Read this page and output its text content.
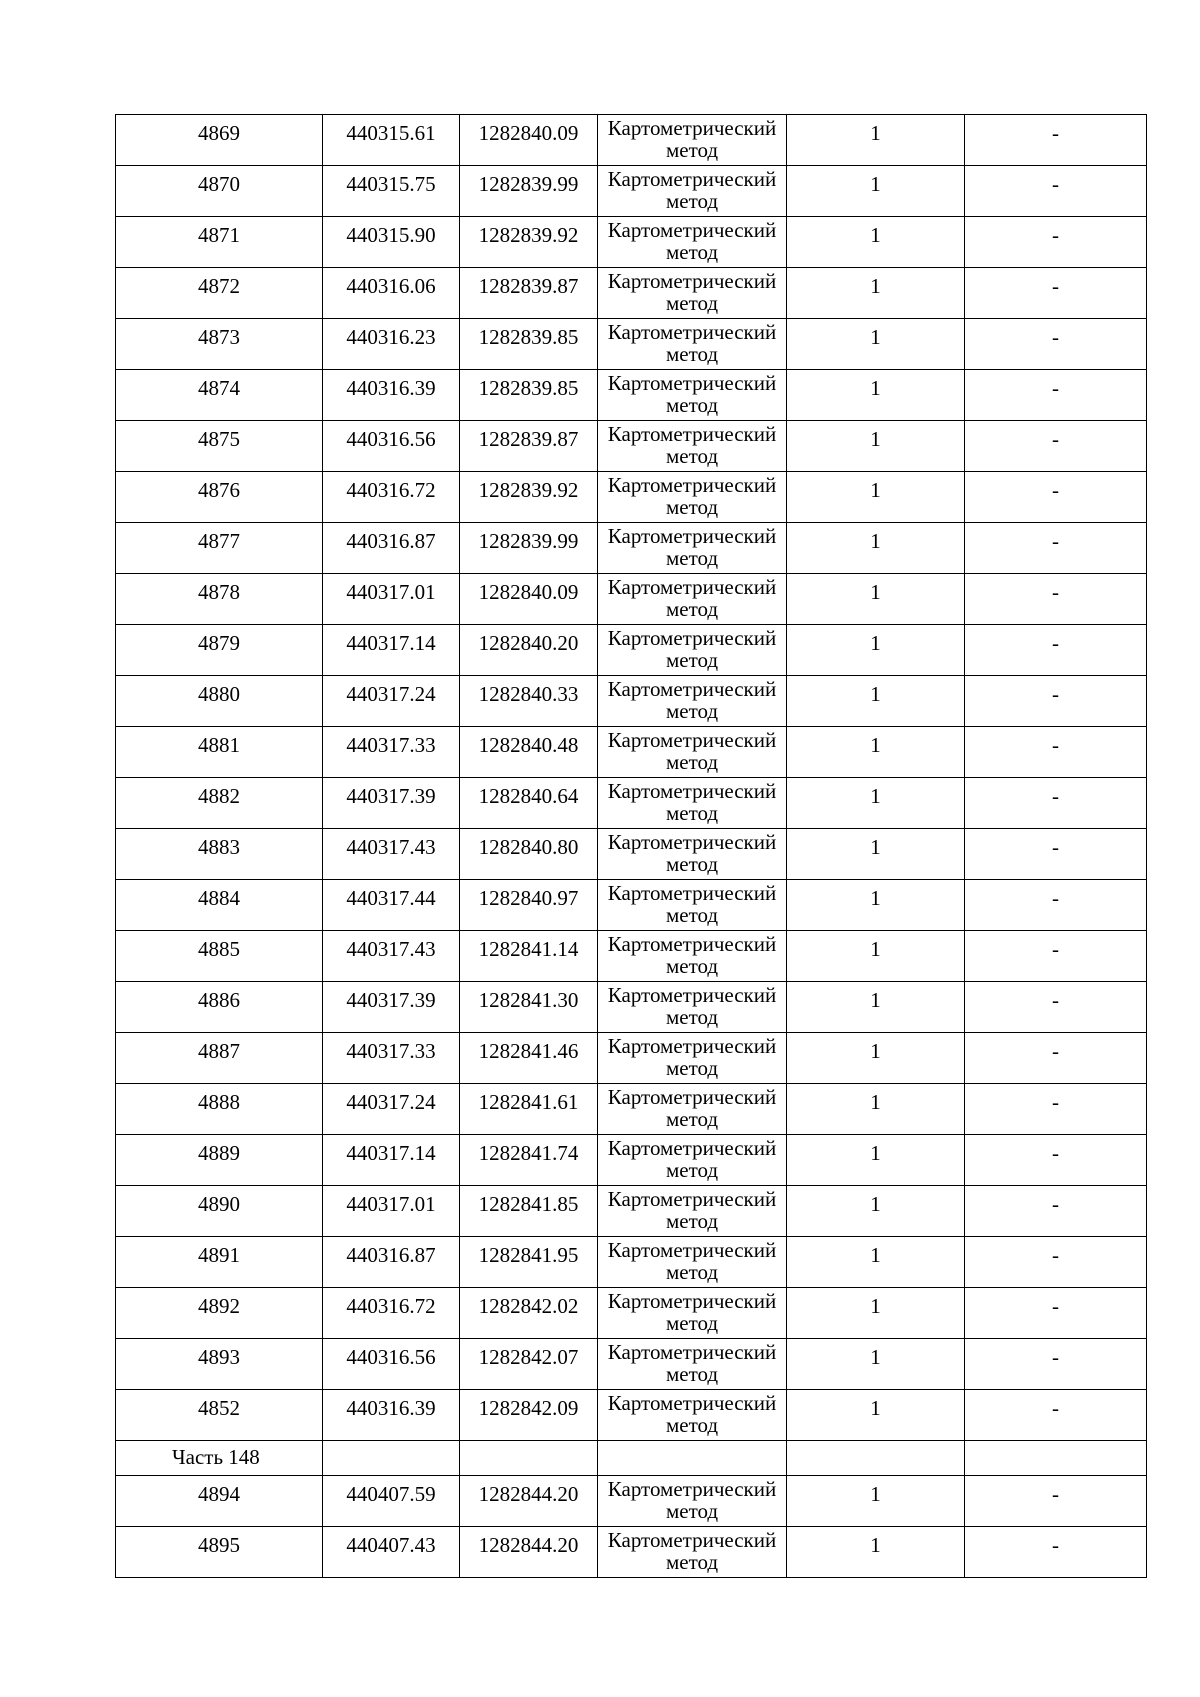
4869	440315.61	1282840.09	Картометрический метод	1	-
4870	440315.75	1282839.99	Картометрический метод	1	-
4871	440315.90	1282839.92	Картометрический метод	1	-
4872	440316.06	1282839.87	Картометрический метод	1	-
4873	440316.23	1282839.85	Картометрический метод	1	-
4874	440316.39	1282839.85	Картометрический метод	1	-
4875	440316.56	1282839.87	Картометрический метод	1	-
4876	440316.72	1282839.92	Картометрический метод	1	-
4877	440316.87	1282839.99	Картометрический метод	1	-
4878	440317.01	1282840.09	Картометрический метод	1	-
4879	440317.14	1282840.20	Картометрический метод	1	-
4880	440317.24	1282840.33	Картометрический метод	1	-
4881	440317.33	1282840.48	Картометрический метод	1	-
4882	440317.39	1282840.64	Картометрический метод	1	-
4883	440317.43	1282840.80	Картометрический метод	1	-
4884	440317.44	1282840.97	Картометрический метод	1	-
4885	440317.43	1282841.14	Картометрический метод	1	-
4886	440317.39	1282841.30	Картометрический метод	1	-
4887	440317.33	1282841.46	Картометрический метод	1	-
4888	440317.24	1282841.61	Картометрический метод	1	-
4889	440317.14	1282841.74	Картометрический метод	1	-
4890	440317.01	1282841.85	Картометрический метод	1	-
4891	440316.87	1282841.95	Картометрический метод	1	-
4892	440316.72	1282842.02	Картометрический метод	1	-
4893	440316.56	1282842.07	Картометрический метод	1	-
4852	440316.39	1282842.09	Картометрический метод	1	-
Часть 148					
4894	440407.59	1282844.20	Картометрический метод	1	-
4895	440407.43	1282844.20	Картометрический метод	1	-
